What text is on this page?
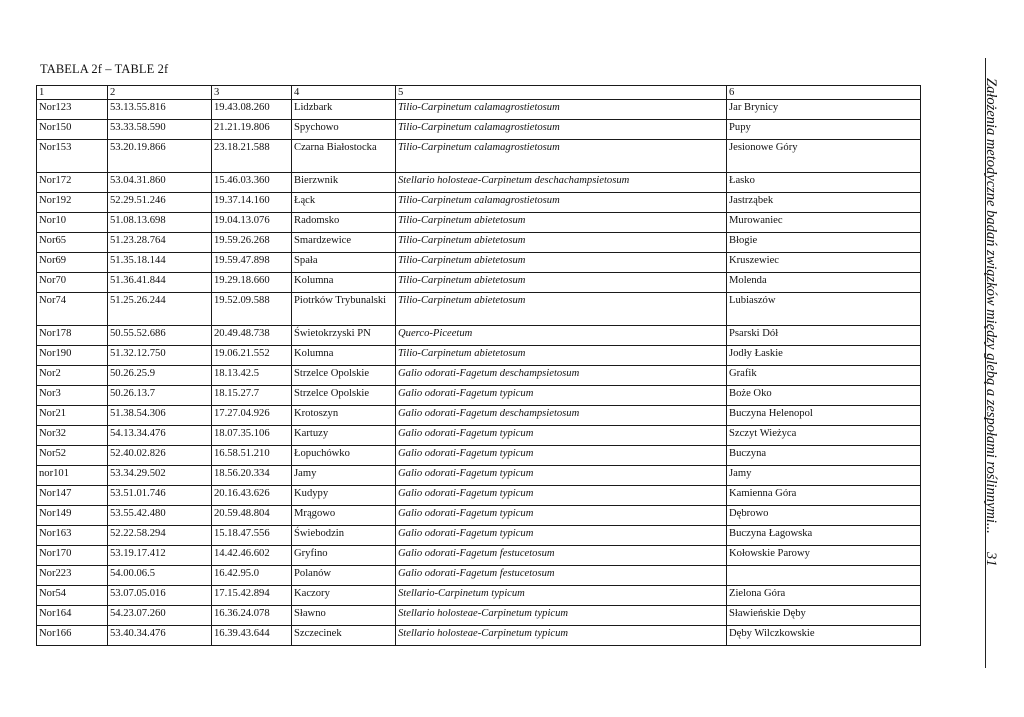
TABELA 2f – TABLE 2f
1	2	3	4	5	6
Nor123	53.13.55.816	19.43.08.260	Lidzbark	Tilio-Carpinetum calamagrostietosum	Jar Brynicy
Nor150	53.33.58.590	21.21.19.806	Spychowo	Tilio-Carpinetum calamagrostietosum	Pupy
Nor153	53.20.19.866	23.18.21.588	Czarna Białostocka	Tilio-Carpinetum calamagrostietosum	Jesionowe Góry
Nor172	53.04.31.860	15.46.03.360	Bierzwnik	Stellario holosteae-Carpinetum deschachampsietosum	Łasko
Nor192	52.29.51.246	19.37.14.160	Łąck	Tilio-Carpinetum calamagrostietosum	Jastrząbek
Nor10	51.08.13.698	19.04.13.076	Radomsko	Tilio-Carpinetum abietetosum	Murowaniec
Nor65	51.23.28.764	19.59.26.268	Smardzewice	Tilio-Carpinetum abietetosum	Błogie
Nor69	51.35.18.144	19.59.47.898	Spała	Tilio-Carpinetum abietetosum	Kruszewiec
Nor70	51.36.41.844	19.29.18.660	Kolumna	Tilio-Carpinetum abietetosum	Molenda
Nor74	51.25.26.244	19.52.09.588	Piotrków Trybunalski	Tilio-Carpinetum abietetosum	Lubiaszów
Nor178	50.55.52.686	20.49.48.738	Świetokrzyski PN	Querco-Piceetum	Psarski Dół
Nor190	51.32.12.750	19.06.21.552	Kolumna	Tilio-Carpinetum abietetosum	Jodły Łaskie
Nor2	50.26.25.9	18.13.42.5	Strzelce Opolskie	Galio odorati-Fagetum deschampsietosum	Grafik
Nor3	50.26.13.7	18.15.27.7	Strzelce Opolskie	Galio odorati-Fagetum typicum	Boże Oko
Nor21	51.38.54.306	17.27.04.926	Krotoszyn	Galio odorati-Fagetum deschampsietosum	Buczyna Helenopol
Nor32	54.13.34.476	18.07.35.106	Kartuzy	Galio odorati-Fagetum typicum	Szczyt Wieżyca
Nor52	52.40.02.826	16.58.51.210	Łopuchówko	Galio odorati-Fagetum typicum	Buczyna
nor101	53.34.29.502	18.56.20.334	Jamy	Galio odorati-Fagetum typicum	Jamy
Nor147	53.51.01.746	20.16.43.626	Kudypy	Galio odorati-Fagetum typicum	Kamienna Góra
Nor149	53.55.42.480	20.59.48.804	Mrągowo	Galio odorati-Fagetum typicum	Dębrowo
Nor163	52.22.58.294	15.18.47.556	Świebodzin	Galio odorati-Fagetum typicum	Buczyna Łagowska
Nor170	53.19.17.412	14.42.46.602	Gryfino	Galio odorati-Fagetum festucetosum	Kołowskie Parowy
Nor223	54.00.06.5	16.42.95.0	Polanów	Galio odorati-Fagetum festucetosum	
Nor54	53.07.05.016	17.15.42.894	Kaczory	Stellario-Carpinetum typicum	Zielona Góra
Nor164	54.23.07.260	16.36.24.078	Sławno	Stellario holosteae-Carpinetum typicum	Sławieńskie Dęby
Nor166	53.40.34.476	16.39.43.644	Szczecinek	Stellario holosteae-Carpinetum typicum	Dęby Wilczkowskie
Założenia metodyczne badań związków między glebą a zespołami roślinnymi...31
